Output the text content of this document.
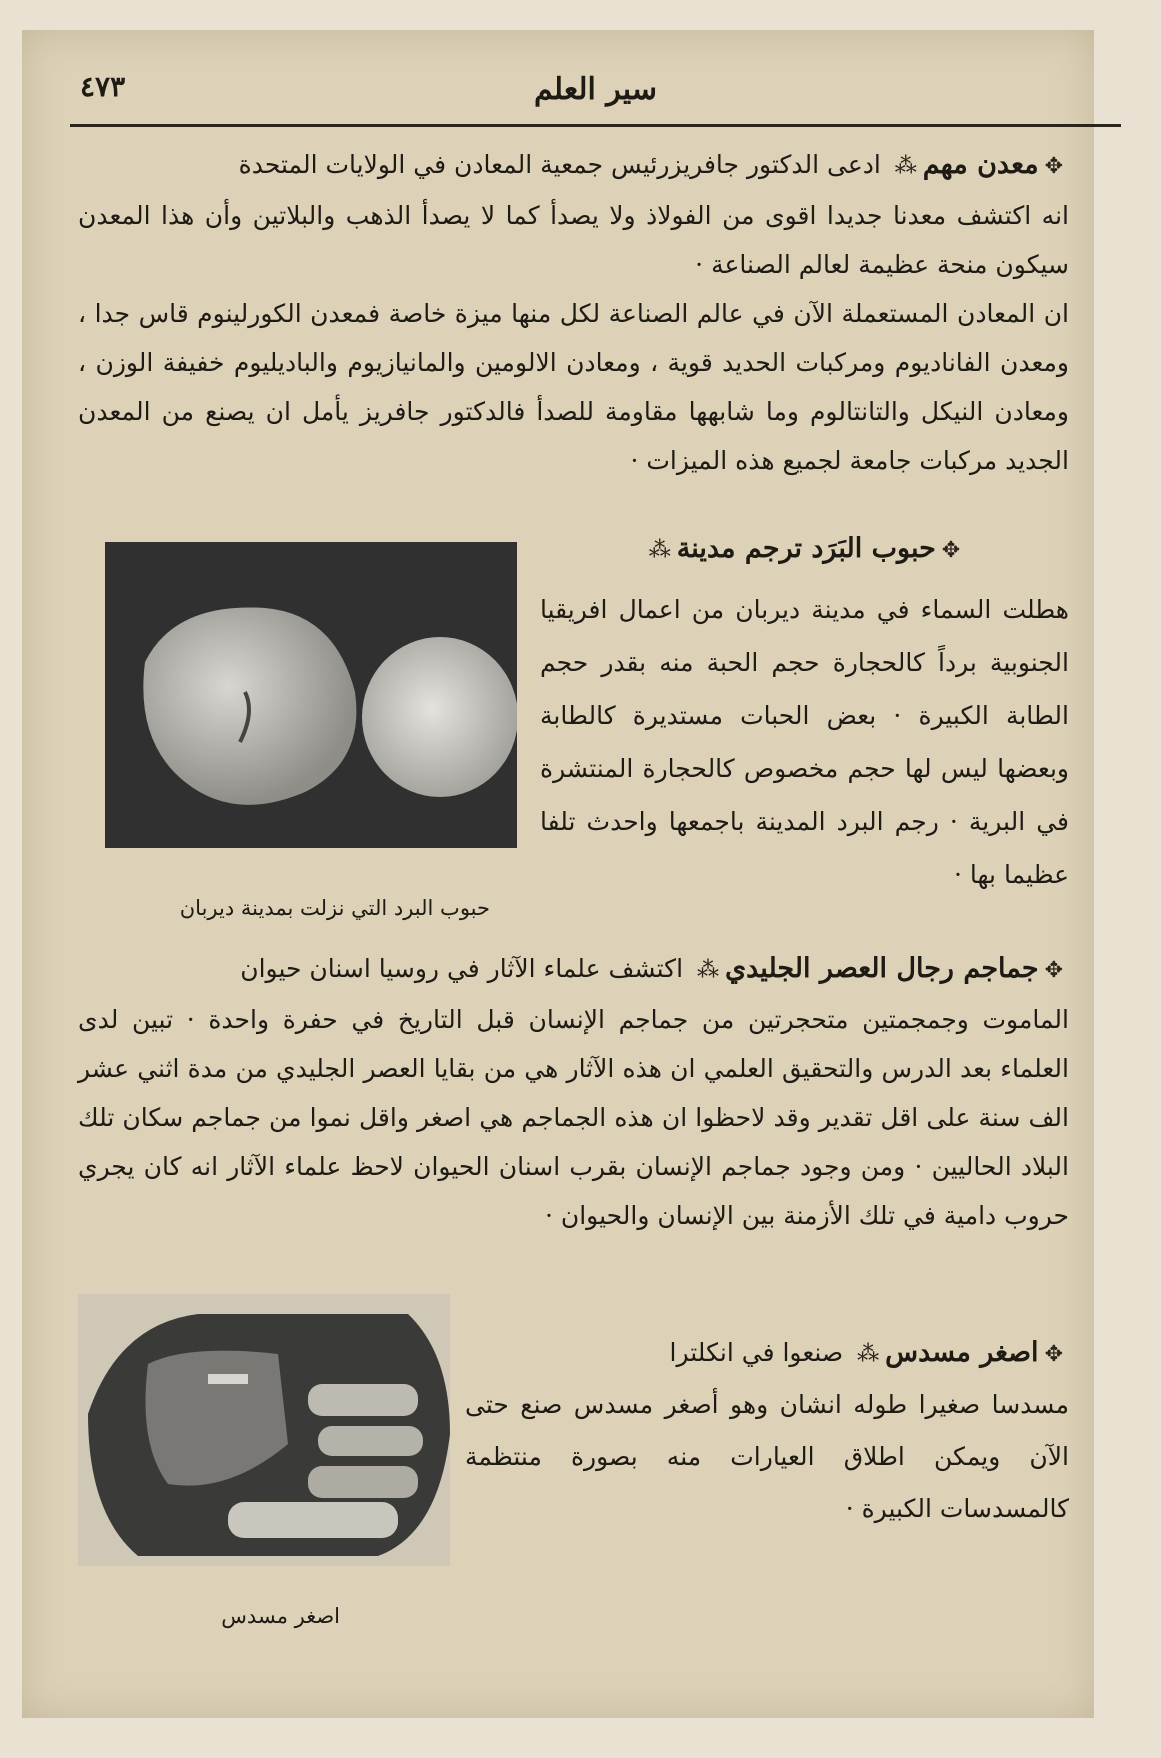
سير العلم
٤٧٣
✥معدن مهم⁂ ادعى الدكتور جافريزرئيس جمعية المعادن في الولايات المتحدة
انه اكتشف معدنا جديدا اقوى من الفولاذ ولا يصدأ كما لا يصدأ الذهب والبلاتين وأن هذا المعدن سيكون منحة عظيمة لعالم الصناعة ·
ان المعادن المستعملة الآن في عالم الصناعة لكل منها ميزة خاصة فمعدن الكورلينوم قاس جدا ، ومعدن الفاناديوم ومركبات الحديد قوية ، ومعادن الالومين والمانيازيوم والباديليوم خفيفة الوزن ، ومعادن النيكل والتانتالوم وما شابهها مقاومة للصدأ فالدكتور جافريز يأمل ان يصنع من المعدن الجديد مركبات جامعة لجميع هذه الميزات ·
✥حبوب البَرَد ترجم مدينة⁂
هطلت السماء في مدينة ديربان من اعمال افريقيا الجنوبية برداً كالحجارة حجم الحبة منه بقدر حجم الطابة الكبيرة · بعض الحبات مستديرة كالطابة وبعضها ليس لها حجم مخصوص كالحجارة المنتشرة في البرية · رجم البرد المدينة باجمعها واحدث تلفا عظيما بها ·
حبوب البرد التي نزلت بمدينة ديربان
✥جماجم رجال العصر الجليدي⁂ اكتشف علماء الآثار في روسيا اسنان حيوان
الماموت وجمجمتين متحجرتين من جماجم الإنسان قبل التاريخ في حفرة واحدة · تبين لدى العلماء بعد الدرس والتحقيق العلمي ان هذه الآثار هي من بقايا العصر الجليدي من مدة اثني عشر الف سنة على اقل تقدير وقد لاحظوا ان هذه الجماجم هي اصغر واقل نموا من جماجم سكان تلك البلاد الحاليين · ومن وجود جماجم الإنسان بقرب اسنان الحيوان لاحظ علماء الآثار انه كان يجري حروب دامية في تلك الأزمنة بين الإنسان والحيوان ·
✥اصغر مسدس⁂ صنعوا في انكلترا
مسدسا صغيرا طوله انشان وهو أصغر مسدس صنع حتى الآن ويمكن اطلاق العيارات منه بصورة منتظمة كالمسدسات الكبيرة ·
اصغر مسدس
